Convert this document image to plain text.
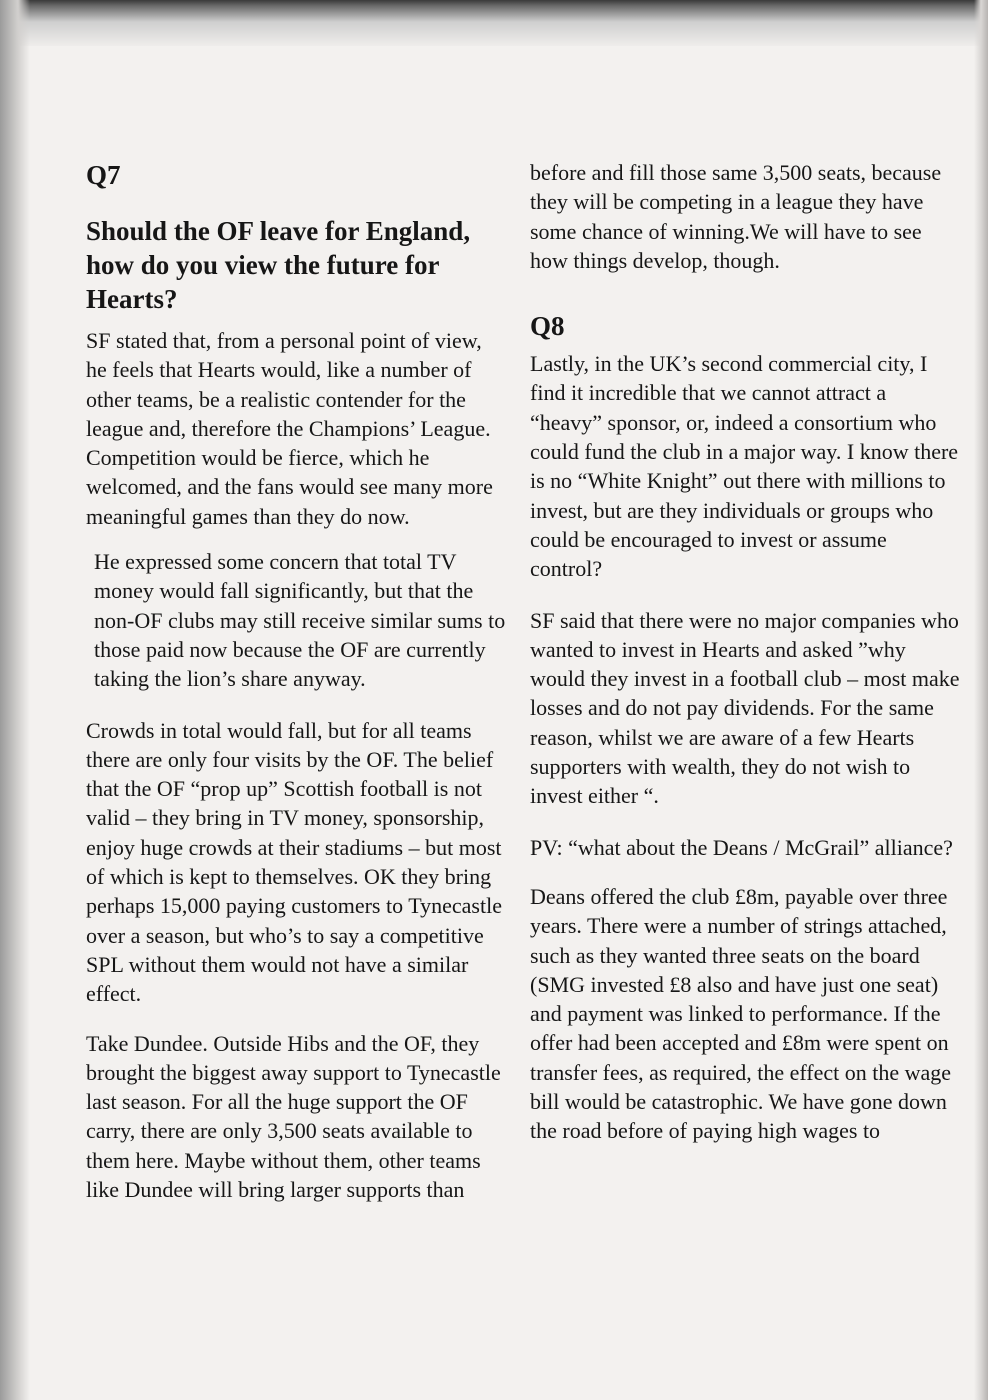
Q7
Should the OF leave for England, how do you view the future for Hearts?

SF stated that, from a personal point of view, he feels that Hearts would, like a number of other teams, be a realistic contender for the league and, therefore the Champions’ League. Competition would be fierce, which he welcomed, and the fans would see many more meaningful games than they do now.

He expressed some concern that total TV money would fall significantly, but that the non-OF clubs may still receive similar sums to those paid now because the OF are currently taking the lion’s share anyway.

Crowds in total would fall, but for all teams there are only four visits by the OF. The belief that the OF “prop up” Scottish football is not valid – they bring in TV money, sponsorship, enjoy huge crowds at their stadiums – but most of which is kept to themselves. OK they bring perhaps 15,000 paying customers to Tynecastle over a season, but who’s to say a competitive SPL without them would not have a similar effect.

Take Dundee. Outside Hibs and the OF, they brought the biggest away support to Tynecastle last season. For all the huge support the OF carry, there are only 3,500 seats available to them here. Maybe without them, other teams like Dundee will bring larger supports than

before and fill those same 3,500 seats, because they will be competing in a league they have some chance of winning.We will have to see how things develop, though.

Q8

Lastly, in the UK’s second commercial city, I find it incredible that we cannot attract a “heavy” sponsor, or, indeed a consortium who could fund the club in a major way. I know there is no “White Knight” out there with millions to invest, but are they individuals or groups who could be encouraged to invest or assume control?

SF said that there were no major companies who wanted to invest in Hearts and asked ”why would they invest in a football club – most make losses and do not pay dividends. For the same reason, whilst we are aware of a few Hearts supporters with wealth, they do not wish to invest either “.

PV: “what about the Deans / McGrail” alliance?

Deans offered the club £8m, payable over three years. There were a number of strings attached, such as they wanted three seats on the board (SMG invested £8 also and have just one seat) and payment was linked to performance. If the offer had been accepted and £8m were spent on transfer fees, as required, the effect on the wage bill would be catastrophic. We have gone down the road before of paying high wages to
